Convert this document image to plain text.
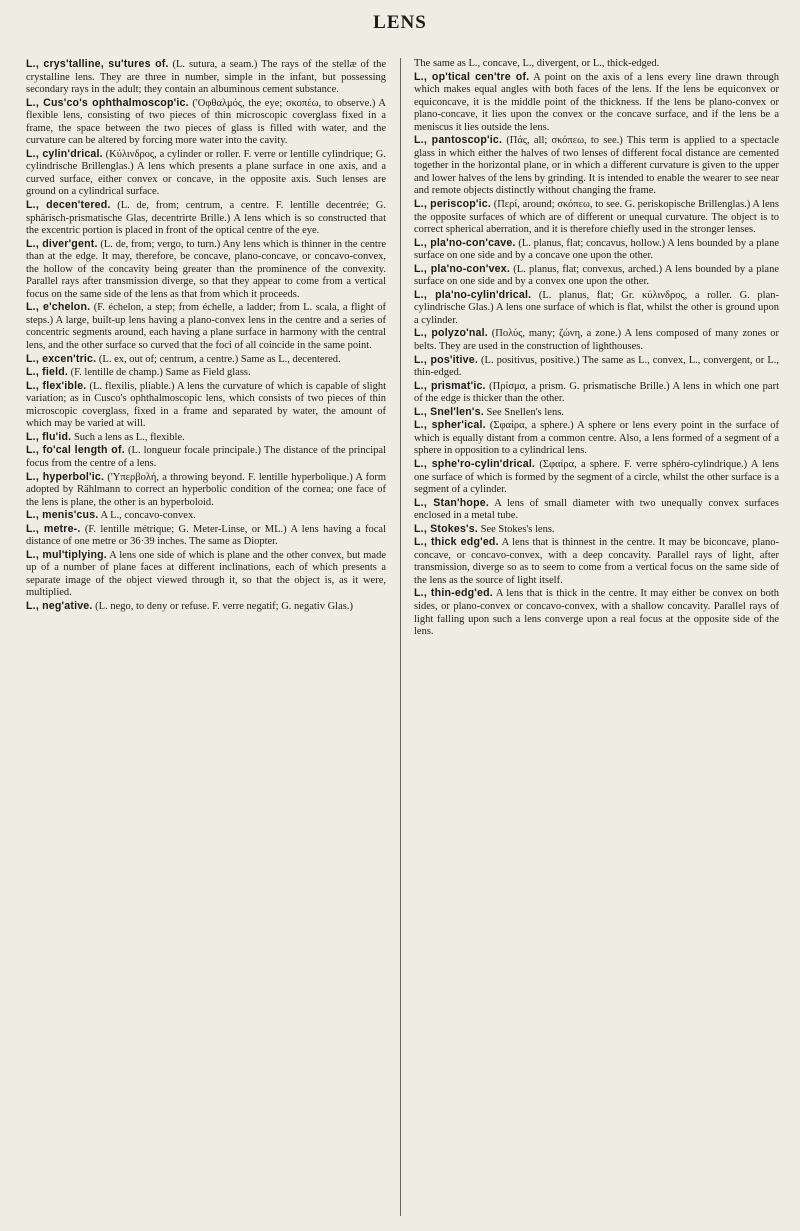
LENS

L., crys'talline, su'tures of. (L. sutura, a seam.) The rays of the stellæ of the crystalline lens. They are three in number, simple in the infant, but possessing secondary rays in the adult; they contain an albuminous cement substance.

L., Cus'co's ophthalmoscop'ic. ('Οφθαλμός, the eye; σκοπέω, to observe.) A flexible lens, consisting of two pieces of thin microscopic coverglass fixed in a frame, the space between the two pieces of glass is filled with water, and the curvature can be altered by forcing more water into the cavity.

L., cylin'drical. (Κύλινδρος, a cylinder or roller. F. verre or lentille cylindrique; G. cylindrische Brillenglas.) A lens which presents a plane surface in one axis, and a curved surface, either convex or concave, in the opposite axis. Such lenses are ground on a cylindrical surface.

L., decen'tered. (L. de, from; centrum, a centre. F. lentille decentrée; G. sphärisch-prismatische Glas, decentrirte Brille.) A lens which is so constructed that the excentric portion is placed in front of the optical centre of the eye.

L., diver'gent. (L. de, from; vergo, to turn.) Any lens which is thinner in the centre than at the edge. It may, therefore, be concave, plano-concave, or concavo-convex, the hollow of the concavity being greater than the prominence of the convexity. Parallel rays after transmission diverge, so that they appear to come from a vertical focus on the same side of the lens as that from which it proceeds.

L., e'chelon. (F. échelon, a step; from échelle, a ladder; from L. scala, a flight of steps.) A large, built-up lens having a plano-convex lens in the centre and a series of concentric segments around, each having a plane surface in harmony with the central lens, and the other surface so curved that the foci of all coincide in the same point.

L., excen'tric. (L. ex, out of; centrum, a centre.) Same as L., decentered.

L., field. (F. lentille de champ.) Same as Field glass.

L., flex'ible. (L. flexilis, pliable.) A lens the curvature of which is capable of slight variation; as in Cusco's ophthalmoscopic lens, which consists of two pieces of thin microscopic coverglass, fixed in a frame and separated by water, the amount of which may be varied at will.

L., flu'id. Such a lens as L., flexible.

L., fo'cal length of. (L. longueur focale principale.) The distance of the principal focus from the centre of a lens.

L., hyperbol'ic. ('Υπερβολή, a throwing beyond. F. lentille hyperbolique.) A form adopted by Rählmann to correct an hyperbolic condition of the cornea; one face of the lens is plane, the other is an hyperboloid.

L., menis'cus. A L., concavo-convex.

L., metre-. (F. lentille métrique; G. Meter-Linse, or ML.) A lens having a focal distance of one metre or 36·39 inches. The same as Diopter.

L., mul'tiplying. A lens one side of which is plane and the other convex, but made up of a number of plane faces at different inclinations, each of which presents a separate image of the object viewed through it, so that the object is, as it were, multiplied.

L., neg'ative. (L. nego, to deny or refuse. F. verre negatif; G. negativ Glas.)

The same as L., concave, L., divergent, or L., thick-edged.

L., op'tical cen'tre of. A point on the axis of a lens every line drawn through which makes equal angles with both faces of the lens. If the lens be equiconvex or equiconcave, it is the middle point of the thickness. If the lens be plano-convex or plano-concave, it lies upon the convex or the concave surface, and if the lens be a meniscus it lies outside the lens.

L., pantoscop'ic. (Πάς, all; σκόπεω, to see.) This term is applied to a spectacle glass in which either the halves of two lenses of different focal distance are cemented together in the horizontal plane, or in which a different curvature is given to the upper and lower halves of the lens by grinding. It is intended to enable the wearer to see near and remote objects distinctly without changing the frame.

L., periscop'ic. (Περί, around; σκόπεω, to see. G. periskopische Brillenglas.) A lens the opposite surfaces of which are of different or unequal curvature. The object is to correct spherical aberration, and it is therefore chiefly used in the stronger lenses.

L., pla'no-con'cave. (L. planus, flat; concavus, hollow.) A lens bounded by a plane surface on one side and by a concave one upon the other.

L., pla'no-con'vex. (L. planus, flat; convexus, arched.) A lens bounded by a plane surface on one side and by a convex one upon the other.

L., pla'no-cylin'drical. (L. planus, flat; Gr. κύλινδρος, a roller. G. plan-cylindrische Glas.) A lens one surface of which is flat, whilst the other is ground upon a cylinder.

L., polyzo'nal. (Πολύς, many; ζώνη, a zone.) A lens composed of many zones or belts. They are used in the construction of lighthouses.

L., pos'itive. (L. positivus, positive.) The same as L., convex, L., convergent, or L., thin-edged.

L., prismat'ic. (Πρίσμα, a prism. G. prismatische Brille.) A lens in which one part of the edge is thicker than the other.

L., Snel'len's. See Snellen's lens.

L., spher'ical. (Σφαίρα, a sphere.) A sphere or lens every point in the surface of which is equally distant from a common centre. Also, a lens formed of a segment of a sphere in opposition to a cylindrical lens.

L., sphe'ro-cylin'drical. (Σφαίρα, a sphere. F. verre sphéro-cylindrique.) A lens one surface of which is formed by the segment of a circle, whilst the other surface is a segment of a cylinder.

L., Stan'hope. A lens of small diameter with two unequally convex surfaces enclosed in a metal tube.

L., Stokes's. See Stokes's lens.

L., thick edg'ed. A lens that is thinnest in the centre. It may be biconcave, plano-concave, or concavo-convex, with a deep concavity. Parallel rays of light, after transmission, diverge so as to seem to come from a vertical focus on the same side of the lens as the source of light itself.

L., thin-edg'ed. A lens that is thick in the centre. It may either be convex on both sides, or plano-convex or concavo-convex, with a shallow concavity. Parallel rays of light falling upon such a lens converge upon a real focus at the opposite side of the lens.
